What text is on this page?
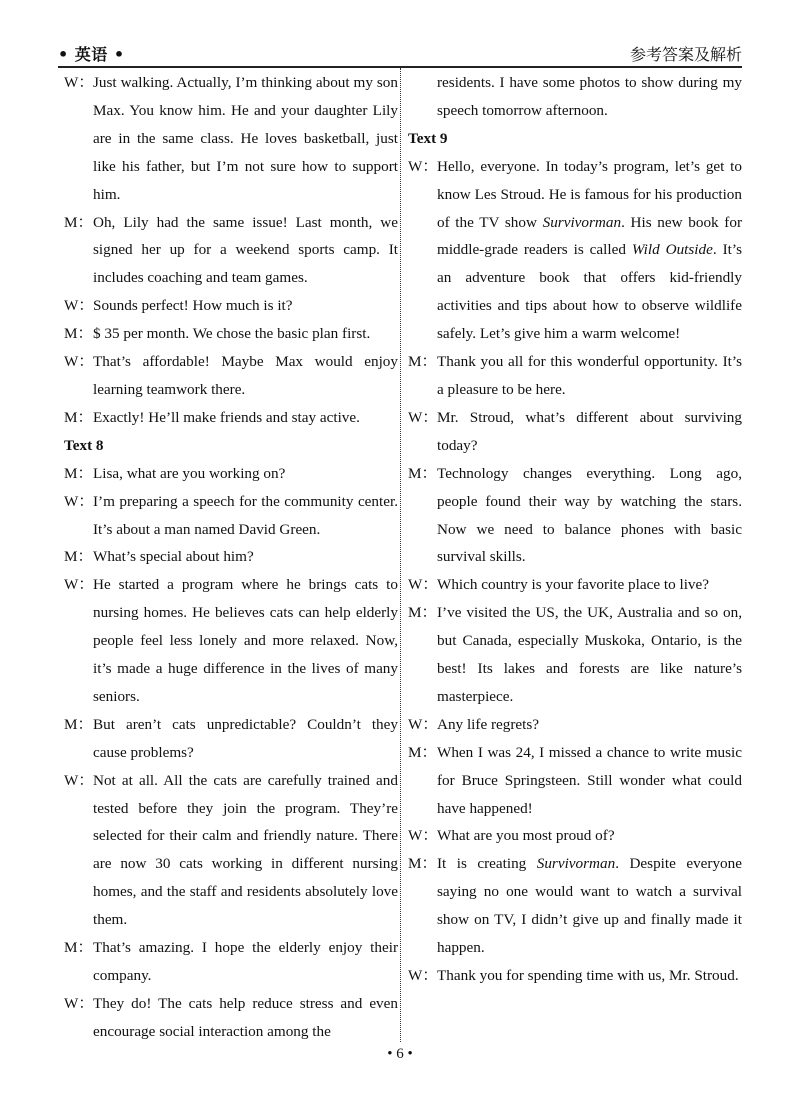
• 英语 •	参考答案及解析
W： Just walking. Actually, I’m thinking about my son Max. You know him. He and your daughter Lily are in the same class. He loves basketball, just like his father, but I’m not sure how to support him.
M： Oh, Lily had the same issue! Last month, we signed her up for a weekend sports camp. It includes coaching and team games.
W： Sounds perfect! How much is it?
M： $ 35 per month. We chose the basic plan first.
W： That’s affordable! Maybe Max would enjoy learning teamwork there.
M： Exactly! He’ll make friends and stay active.
Text 8
M： Lisa, what are you working on?
W： I’m preparing a speech for the community center. It’s about a man named David Green.
M： What’s special about him?
W： He started a program where he brings cats to nursing homes. He believes cats can help elderly people feel less lonely and more relaxed. Now, it’s made a huge difference in the lives of many seniors.
M： But aren’t cats unpredictable? Couldn’t they cause problems?
W： Not at all. All the cats are carefully trained and tested before they join the program. They’re selected for their calm and friendly nature. There are now 30 cats working in different nursing homes, and the staff and residents absolutely love them.
M： That’s amazing. I hope the elderly enjoy their company.
W： They do! The cats help reduce stress and even encourage social interaction among the
residents. I have some photos to show during my speech tomorrow afternoon.
Text 9
W： Hello, everyone. In today’s program, let’s get to know Les Stroud. He is famous for his production of the TV show Survivorman. His new book for middle-grade readers is called Wild Outside. It’s an adventure book that offers kid-friendly activities and tips about how to observe wildlife safely. Let’s give him a warm welcome!
M： Thank you all for this wonderful opportunity. It’s a pleasure to be here.
W： Mr. Stroud, what’s different about surviving today?
M： Technology changes everything. Long ago, people found their way by watching the stars. Now we need to balance phones with basic survival skills.
W： Which country is your favorite place to live?
M： I’ve visited the US, the UK, Australia and so on, but Canada, especially Muskoka, Ontario, is the best! Its lakes and forests are like nature’s masterpiece.
W： Any life regrets?
M： When I was 24, I missed a chance to write music for Bruce Springsteen. Still wonder what could have happened!
W： What are you most proud of?
M： It is creating Survivorman. Despite everyone saying no one would want to watch a survival show on TV, I didn’t give up and finally made it happen.
W： Thank you for spending time with us, Mr. Stroud.
• 6 •
